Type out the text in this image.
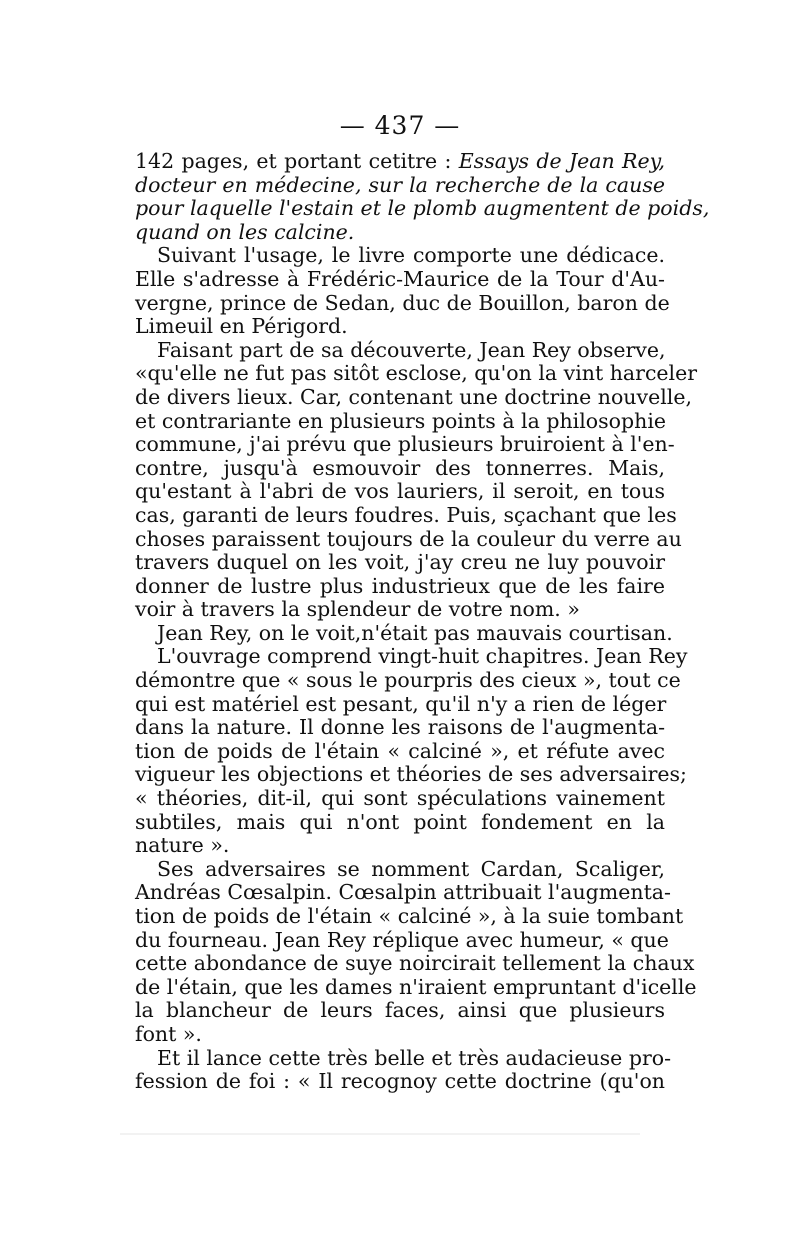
— 437 —
142 pages, et portant cetitre : Essays de Jean Rey,
docteur en médecine, sur la recherche de la cause
pour laquelle l'estain et le plomb augmentent de poids,
quand on les calcine.
Suivant l'usage, le livre comporte une dédicace.
Elle s'adresse à Frédéric-Maurice de la Tour d'Au-
vergne, prince de Sedan, duc de Bouillon, baron de
Limeuil en Périgord.
Faisant part de sa découverte, Jean Rey observe,
«qu'elle ne fut pas sitôt esclose, qu'on la vint harceler
de divers lieux. Car, contenant une doctrine nouvelle,
et contrariante en plusieurs points à la philosophie
commune, j'ai prévu que plusieurs bruiroient à l'en-
contre, jusqu'à esmouvoir des tonnerres. Mais,
qu'estant à l'abri de vos lauriers, il seroit, en tous
cas, garanti de leurs foudres. Puis, sçachant que les
choses paraissent toujours de la couleur du verre au
travers duquel on les voit, j'ay creu ne luy pouvoir
donner de lustre plus industrieux que de les faire
voir à travers la splendeur de votre nom. »
Jean Rey, on le voit,n'était pas mauvais courtisan.
L'ouvrage comprend vingt-huit chapitres. Jean Rey
démontre que « sous le pourpris des cieux », tout ce
qui est matériel est pesant, qu'il n'y a rien de léger
dans la nature. Il donne les raisons de l'augmenta-
tion de poids de l'étain « calciné », et réfute avec
vigueur les objections et théories de ses adversaires;
« théories, dit-il, qui sont spéculations vainement
subtiles, mais qui n'ont point fondement en la
nature ».
Ses adversaires se nomment Cardan, Scaliger,
Andréas Cœsalpin. Cœsalpin attribuait l'augmenta-
tion de poids de l'étain « calciné », à la suie tombant
du fourneau. Jean Rey réplique avec humeur, « que
cette abondance de suye noircirait tellement la chaux
de l'étain, que les dames n'iraient empruntant d'icelle
la blancheur de leurs faces, ainsi que plusieurs
font ».
Et il lance cette très belle et très audacieuse pro-
fession de foi : « Il recognoy cette doctrine (qu'on
